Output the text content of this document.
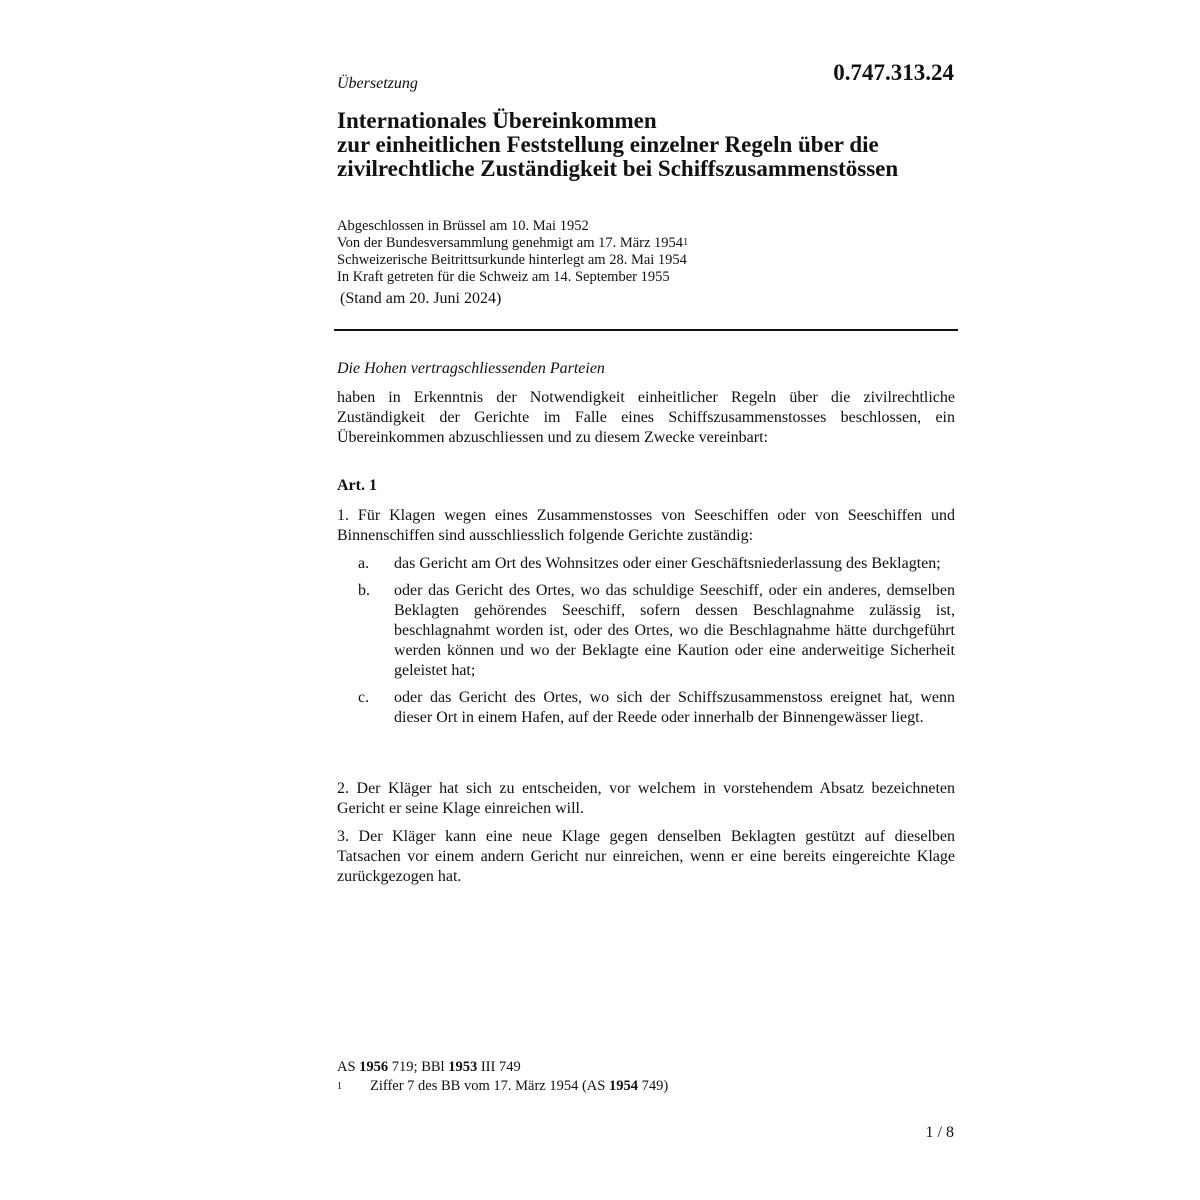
0.747.313.24
Übersetzung
Internationales Übereinkommen
zur einheitlichen Feststellung einzelner Regeln über die
zivilrechtliche Zuständigkeit bei Schiffszusammenstössen
Abgeschlossen in Brüssel am 10. Mai 1952
Von der Bundesversammlung genehmigt am 17. März 1954$^1$
Schweizerische Beitrittsurkunde hinterlegt am 28. Mai 1954
In Kraft getreten für die Schweiz am 14. September 1955
(Stand am 20. Juni 2024)
Die Hohen vertragschliessenden Parteien
haben in Erkenntnis der Notwendigkeit einheitlicher Regeln über die zivilrechtliche Zuständigkeit der Gerichte im Falle eines Schiffszusammenstosses beschlossen, ein Übereinkommen abzuschliessen und zu diesem Zwecke vereinbart:
Art. 1
1. Für Klagen wegen eines Zusammenstosses von Seeschiffen oder von Seeschiffen und Binnenschiffen sind ausschliesslich folgende Gerichte zuständig:
a.	das Gericht am Ort des Wohnsitzes oder einer Geschäftsniederlassung des Beklagten;
b.	oder das Gericht des Ortes, wo das schuldige Seeschiff, oder ein anderes, demselben Beklagten gehörendes Seeschiff, sofern dessen Beschlagnahme zulässig ist, beschlagnahmt worden ist, oder des Ortes, wo die Beschlagnahme hätte durchgeführt werden können und wo der Beklagte eine Kaution oder eine anderweitige Sicherheit geleistet hat;
c.	oder das Gericht des Ortes, wo sich der Schiffszusammenstoss ereignet hat, wenn dieser Ort in einem Hafen, auf der Reede oder innerhalb der Binnengewässer liegt.
2. Der Kläger hat sich zu entscheiden, vor welchem in vorstehendem Absatz bezeichneten Gericht er seine Klage einreichen will.
3. Der Kläger kann eine neue Klage gegen denselben Beklagten gestützt auf dieselben Tatsachen vor einem andern Gericht nur einreichen, wenn er eine bereits eingereichte Klage zurückgezogen hat.
AS
1956
719; BBl
1953
III 749
1	Ziffer 7 des BB vom 17. März 1954 (AS
1954
749)
1 / 8
